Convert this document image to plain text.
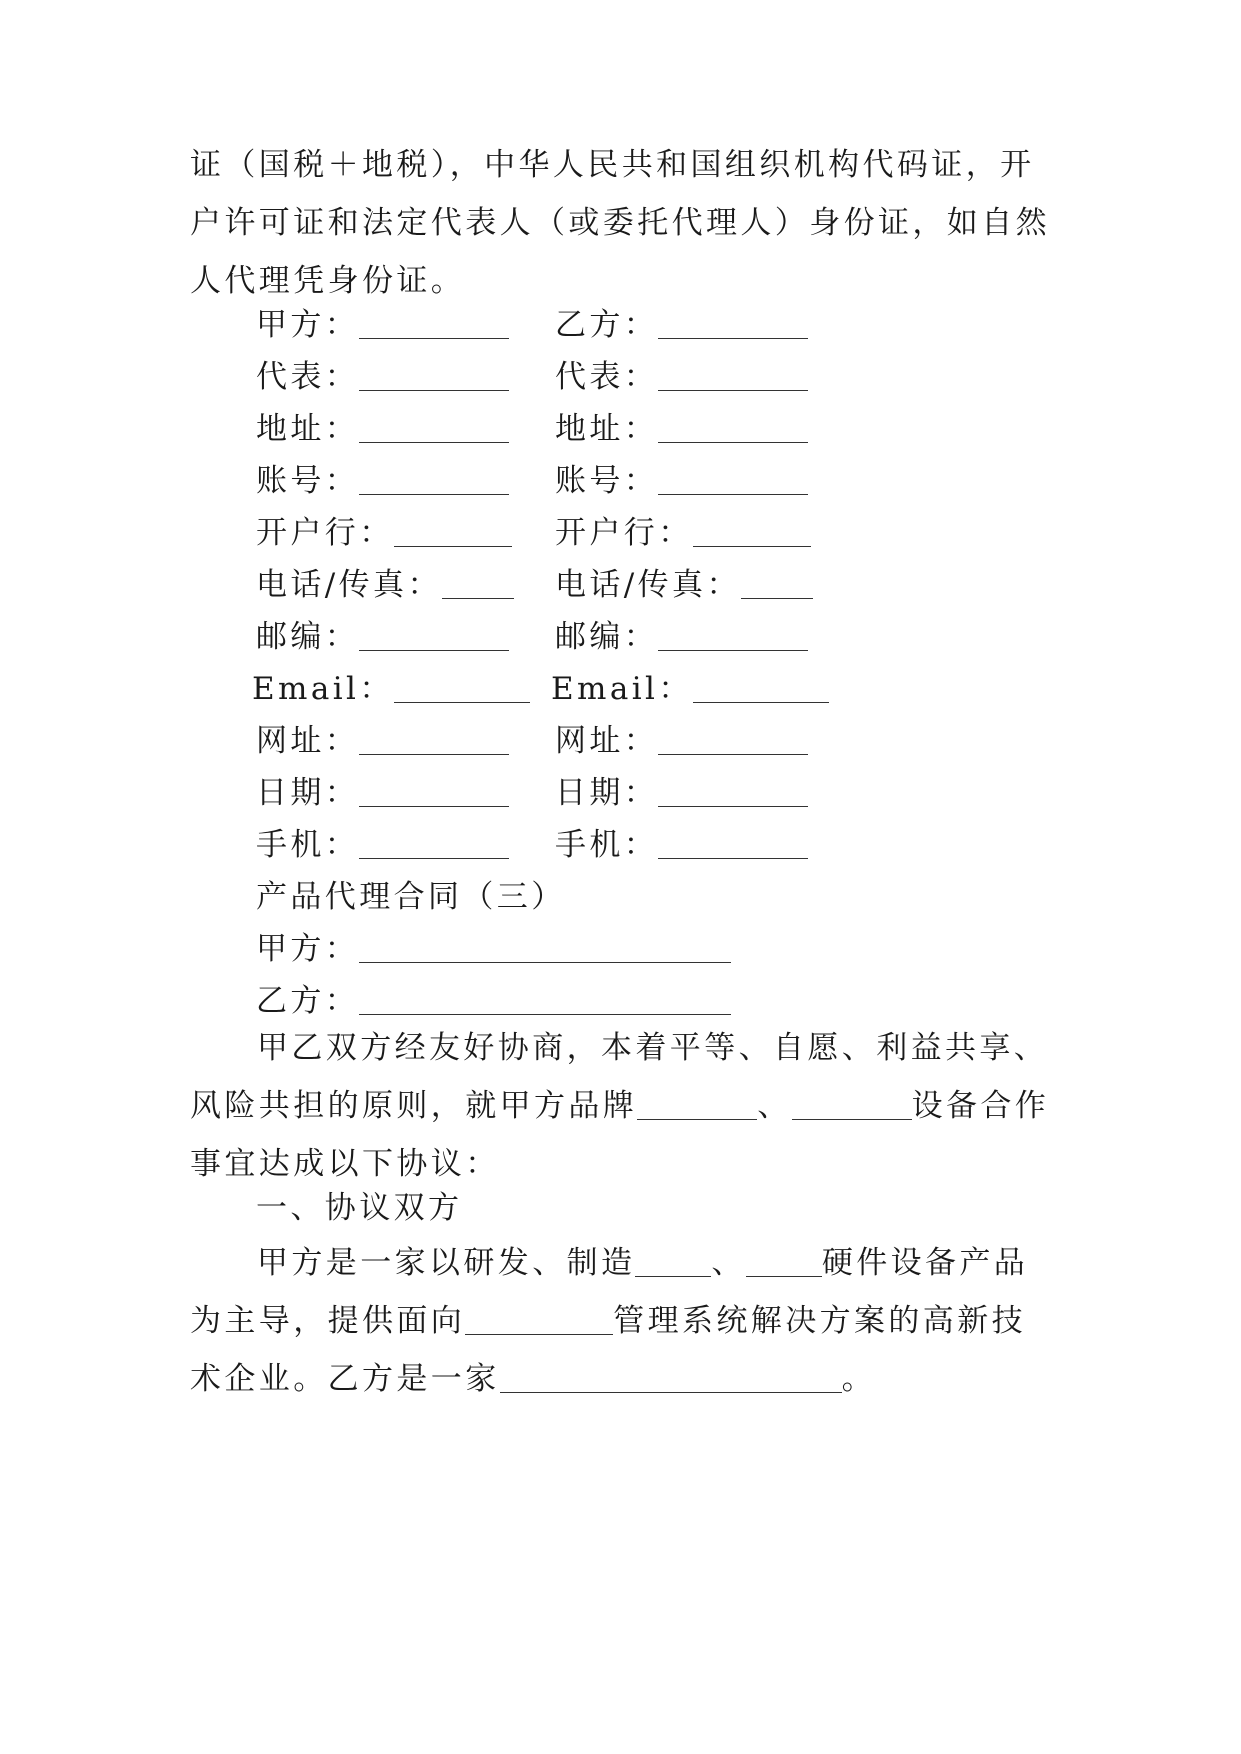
证（国税＋地税），中华人民共和国组织机构代码证，开户许可证和法定代表人（或委托代理人）身份证，如自然人代理凭身份证。

甲方：	乙方：
代表：	代表：
地址：	地址：
账号：	账号：
开户行：	开户行：
电话/传真：	电话/传真：
邮编：	邮编：
Email：	Email：
网址：	网址：
日期：	日期：
手机：	手机：
产品代理合同（三）
甲方：
乙方：

甲乙双方经友好协商，本着平等、自愿、利益共享、风险共担的原则，就甲方品牌	、	设备合作事宜达成以下协议：

一、协议双方

甲方是一家以研发、制造 、 硬件设备产品为主导，提供面向	管理系统解决方案的高新技术企业。乙方是一家	。
